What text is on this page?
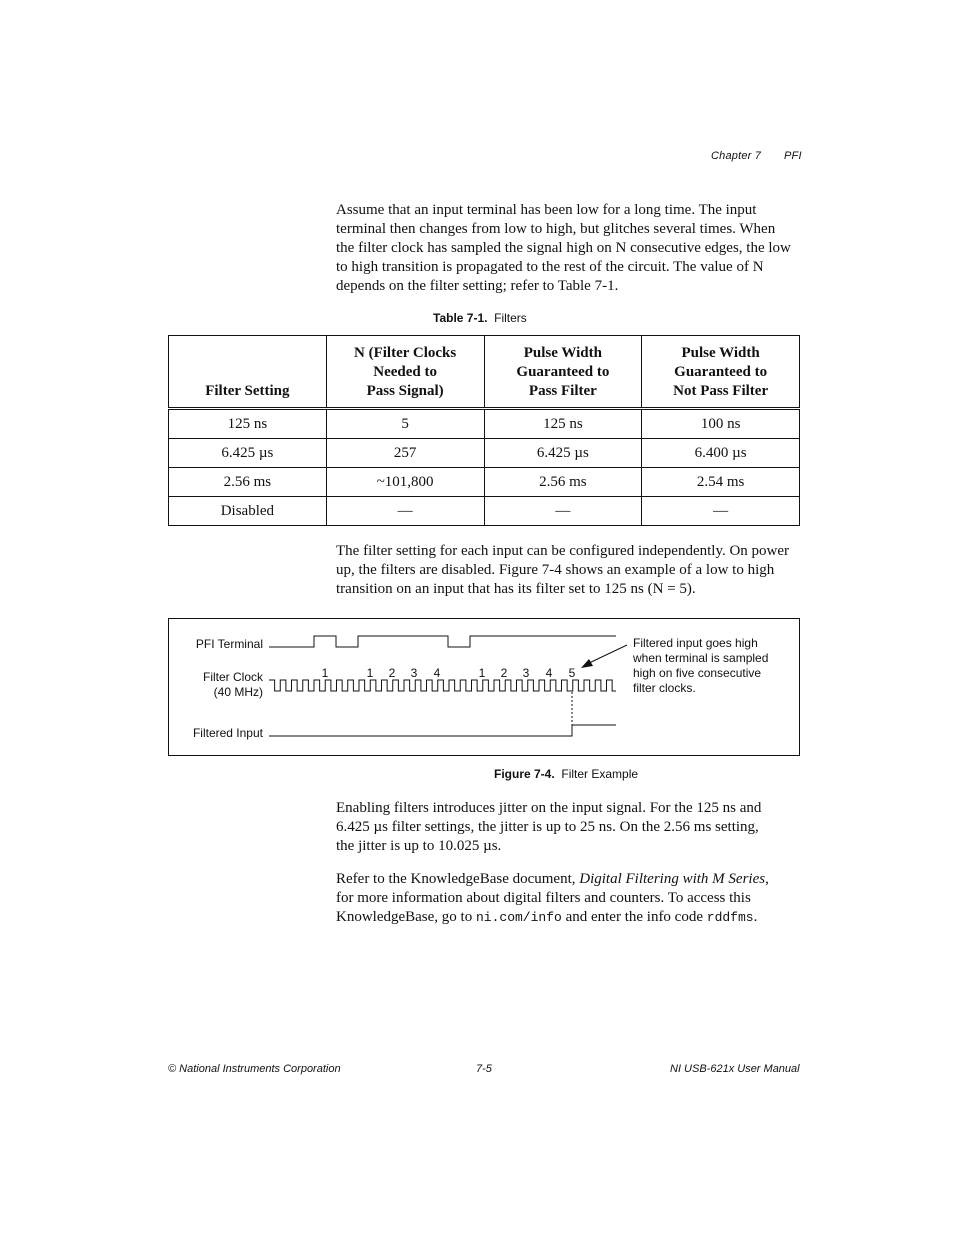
Chapter 7 PFI

Assume that an input terminal has been low for a long time. The input
terminal then changes from low to high, but glitches several times. When
the filter clock has sampled the signal high on N consecutive edges, the low
to high transition is propagated to the rest of the circuit. The value of N
depends on the filter setting; refer to Table 7-1.

Table 7-1. Filters
Filter Setting	N (Filter Clocks
Needed to
Pass Signal)	Pulse Width
Guaranteed to
Pass Filter	Pulse Width
Guaranteed to
Not Pass Filter
125 ns	5	125 ns	100 ns
6.425 µs	257	6.425 µs	6.400 µs
2.56 ms	~101,800	2.56 ms	2.54 ms
Disabled	—	—	—

The filter setting for each input can be configured independently. On power
up, the filters are disabled. Figure 7-4 shows an example of a low to high
transition on an input that has its filter set to 125 ns (N = 5).

PFI Terminal
Filter Clock
(40 MHz)
Filtered Input
1	1 2 3 4	1 2 3 4 5
Filtered input goes high
when terminal is sampled
high on five consecutive
filter clocks.
Figure 7-4. Filter Example

Enabling filters introduces jitter on the input signal. For the 125 ns and
6.425 µs filter settings, the jitter is up to 25 ns. On the 2.56 ms setting,
the jitter is up to 10.025 µs.

Refer to the KnowledgeBase document, Digital Filtering with M Series,
for more information about digital filters and counters. To access this
KnowledgeBase, go to ni.com/info and enter the info code rddfms.

© National Instruments Corporation	7-5	NI USB-621x User Manual
